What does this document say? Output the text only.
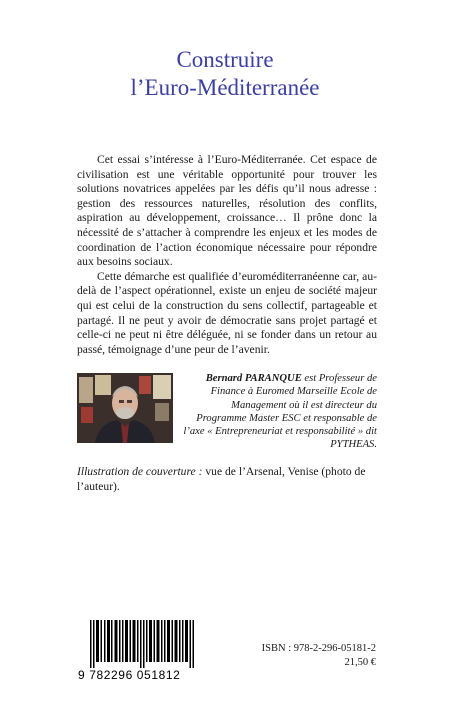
Construire
l’Euro-Méditerranée

Cet essai s’intéresse à l’Euro-Méditerranée. Cet espace de civilisation est une véritable opportunité pour trouver les solutions novatrices appelées par les défis qu’il nous adresse : gestion des ressources naturelles, résolution des conflits, aspiration au développement, croissance… Il prône donc la nécessité de s’attacher à comprendre les enjeux et les modes de coordination de l’action économique nécessaire pour répondre aux besoins sociaux.

Cette démarche est qualifiée d’euroméditerranéenne car, au-delà de l’aspect opérationnel, existe un enjeu de société majeur qui est celui de la construction du sens collectif, partageable et partagé. Il ne peut y avoir de démocratie sans projet partagé et celle-ci ne peut ni être déléguée, ni se fonder dans un retour au passé, témoignage d’une peur de l’avenir.

Bernard PARANQUE est Professeur de Finance à Euromed Marseille Ecole de Management où il est directeur du Programme Master ESC et responsable de l’axe « Entrepreneuriat et responsabilité » dit PYTHEAS.
Illustration de couverture : vue de l’Arsenal, Venise (photo de l’auteur).
9 782296 051812
ISBN : 978-2-296-05181-2
21,50 €
